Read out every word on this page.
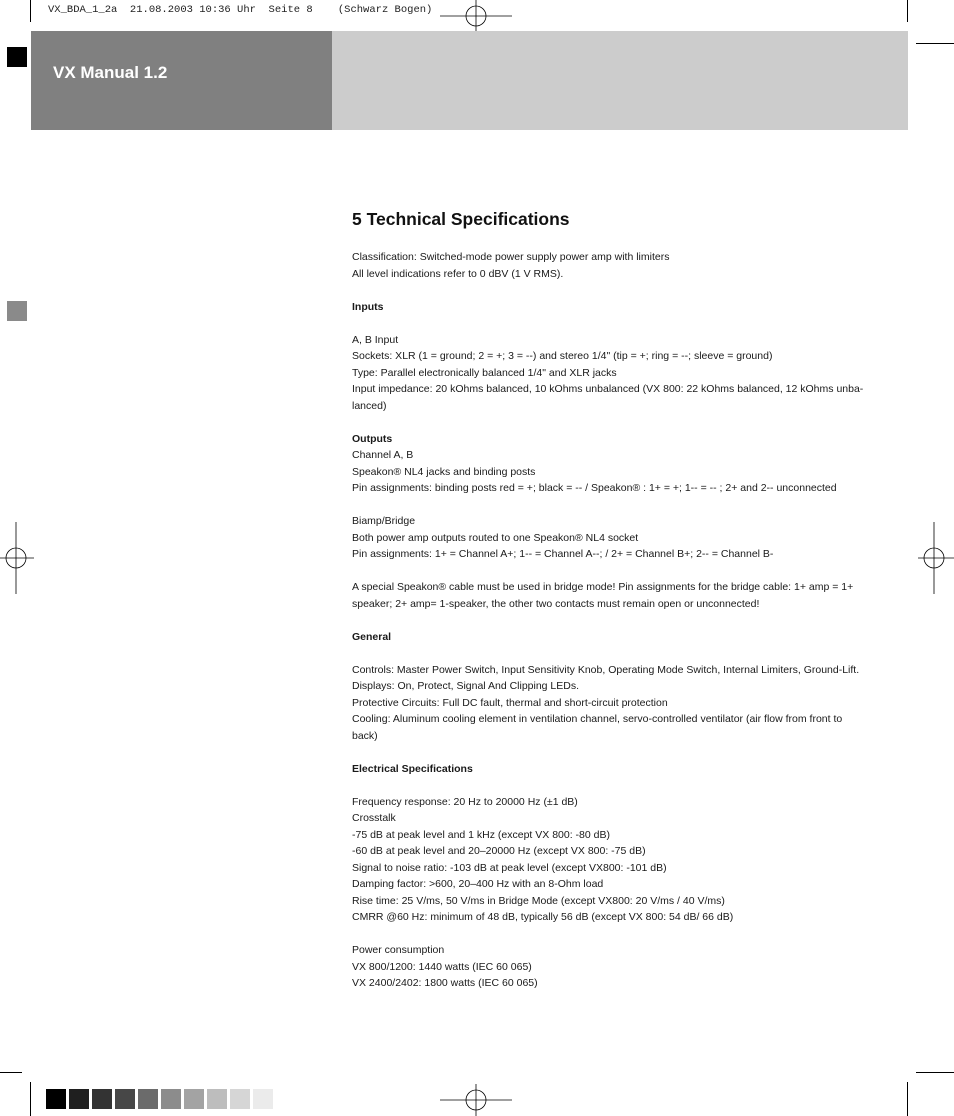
VX_BDA_1_2a  21.08.2003 10:36 Uhr  Seite 8    (Schwarz Bogen)
VX Manual 1.2
5 Technical Specifications

Classification: Switched-mode power supply power amp with limiters

All level indications refer to 0 dBV (1 V RMS).

Inputs

A, B Input

Sockets: XLR (1 = ground; 2 = +; 3 = --) and stereo 1/4" (tip = +; ring = --; sleeve = ground)

Type: Parallel electronically balanced 1/4" and XLR jacks

Input impedance: 20 kOhms balanced, 10 kOhms unbalanced (VX 800: 22 kOhms balanced, 12 kOhms unba-

lanced)

Outputs

Channel A, B

Speakon® NL4 jacks and binding posts

Pin assignments: binding posts red = +; black = -- / Speakon® : 1+ = +; 1-- = -- ; 2+ and 2-- unconnected

Biamp/Bridge

Both power amp outputs routed to one Speakon® NL4 socket

Pin assignments: 1+ = Channel A+; 1-- = Channel A--; / 2+ = Channel B+; 2-- = Channel B-

A special Speakon® cable must be used in bridge mode! Pin assignments for the bridge cable: 1+ amp = 1+

speaker; 2+ amp= 1-speaker, the other two contacts must remain open or unconnected!

General

Controls: Master Power Switch, Input Sensitivity Knob, Operating Mode Switch, Internal Limiters, Ground-Lift.

Displays: On, Protect, Signal And Clipping LEDs.

Protective Circuits: Full DC fault, thermal and short-circuit protection

Cooling: Aluminum cooling element in ventilation channel, servo-controlled ventilator (air flow from front to

back)

Electrical Specifications

Frequency response: 20 Hz to 20000 Hz (±1 dB)

Crosstalk

-75 dB at peak level and 1 kHz (except VX 800: -80 dB)

-60 dB at peak level and 20–20000 Hz (except VX 800: -75 dB)

Signal to noise ratio: -103 dB at peak level (except VX800: -101 dB)

Damping factor: >600, 20–400 Hz with an 8-Ohm load

Rise time: 25 V/ms, 50 V/ms in Bridge Mode (except VX800: 20 V/ms / 40 V/ms)

CMRR @60 Hz: minimum of 48 dB, typically 56 dB (except VX 800: 54 dB/ 66 dB)

Power consumption

VX 800/1200: 1440 watts (IEC 60 065)

VX 2400/2402: 1800 watts (IEC 60 065)
